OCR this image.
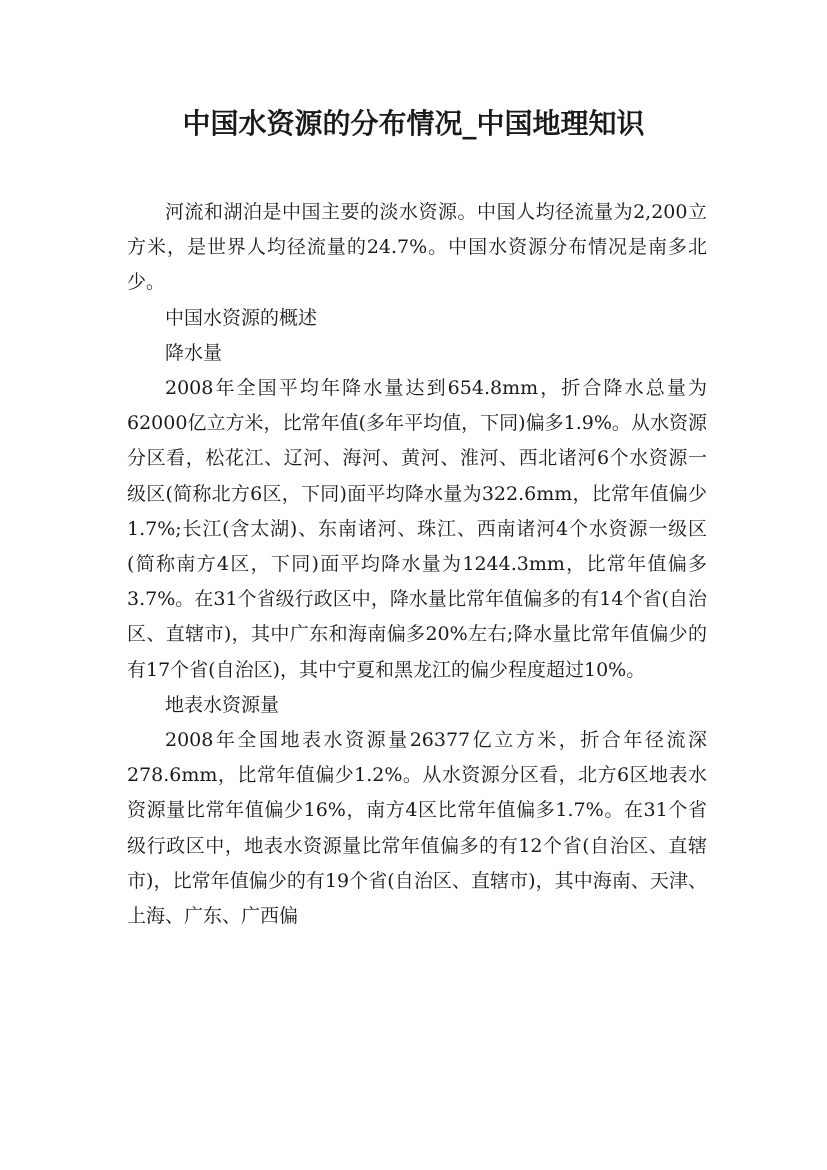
中国水资源的分布情况_中国地理知识

河流和湖泊是中国主要的淡水资源。中国人均径流量为2,200立方米，是世界人均径流量的24.7%。中国水资源分布情况是南多北少。

中国水资源的概述

降水量

2008年全国平均年降水量达到654.8mm，折合降水总量为62000亿立方米，比常年值(多年平均值，下同)偏多1.9%。从水资源分区看，松花江、辽河、海河、黄河、淮河、西北诸河6个水资源一级区(简称北方6区，下同)面平均降水量为322.6mm，比常年值偏少1.7%;长江(含太湖)、东南诸河、珠江、西南诸河4个水资源一级区(简称南方4区，下同)面平均降水量为1244.3mm，比常年值偏多3.7%。在31个省级行政区中，降水量比常年值偏多的有14个省(自治区、直辖市)，其中广东和海南偏多20%左右;降水量比常年值偏少的有17个省(自治区)，其中宁夏和黑龙江的偏少程度超过10%。

地表水资源量

2008年全国地表水资源量26377亿立方米，折合年径流深278.6mm，比常年值偏少1.2%。从水资源分区看，北方6区地表水资源量比常年值偏少16%，南方4区比常年值偏多1.7%。在31个省级行政区中，地表水资源量比常年值偏多的有12个省(自治区、直辖市)，比常年值偏少的有19个省(自治区、直辖市)，其中海南、天津、上海、广东、广西偏
